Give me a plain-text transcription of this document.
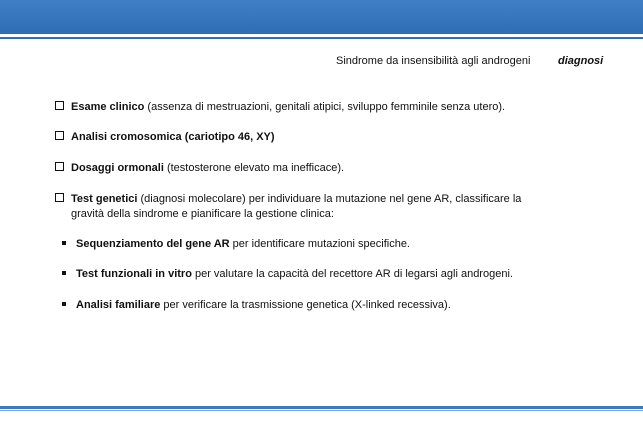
Sindrome da insensibilità agli androgeni	diagnosi
Esame clinico (assenza di mestruazioni, genitali atipici, sviluppo femminile senza utero).
Analisi cromosomica (cariotipo 46, XY)
Dosaggi ormonali (testosterone elevato ma inefficace).
Test genetici (diagnosi molecolare) per individuare la mutazione nel gene AR, classificare la
gravità della sindrome e pianificare la gestione clinica:
Sequenziamento del gene AR per identificare mutazioni specifiche.
Test funzionali in vitro per valutare la capacità del recettore AR di legarsi agli androgeni.
Analisi familiare per verificare la trasmissione genetica (X-linked recessiva).
